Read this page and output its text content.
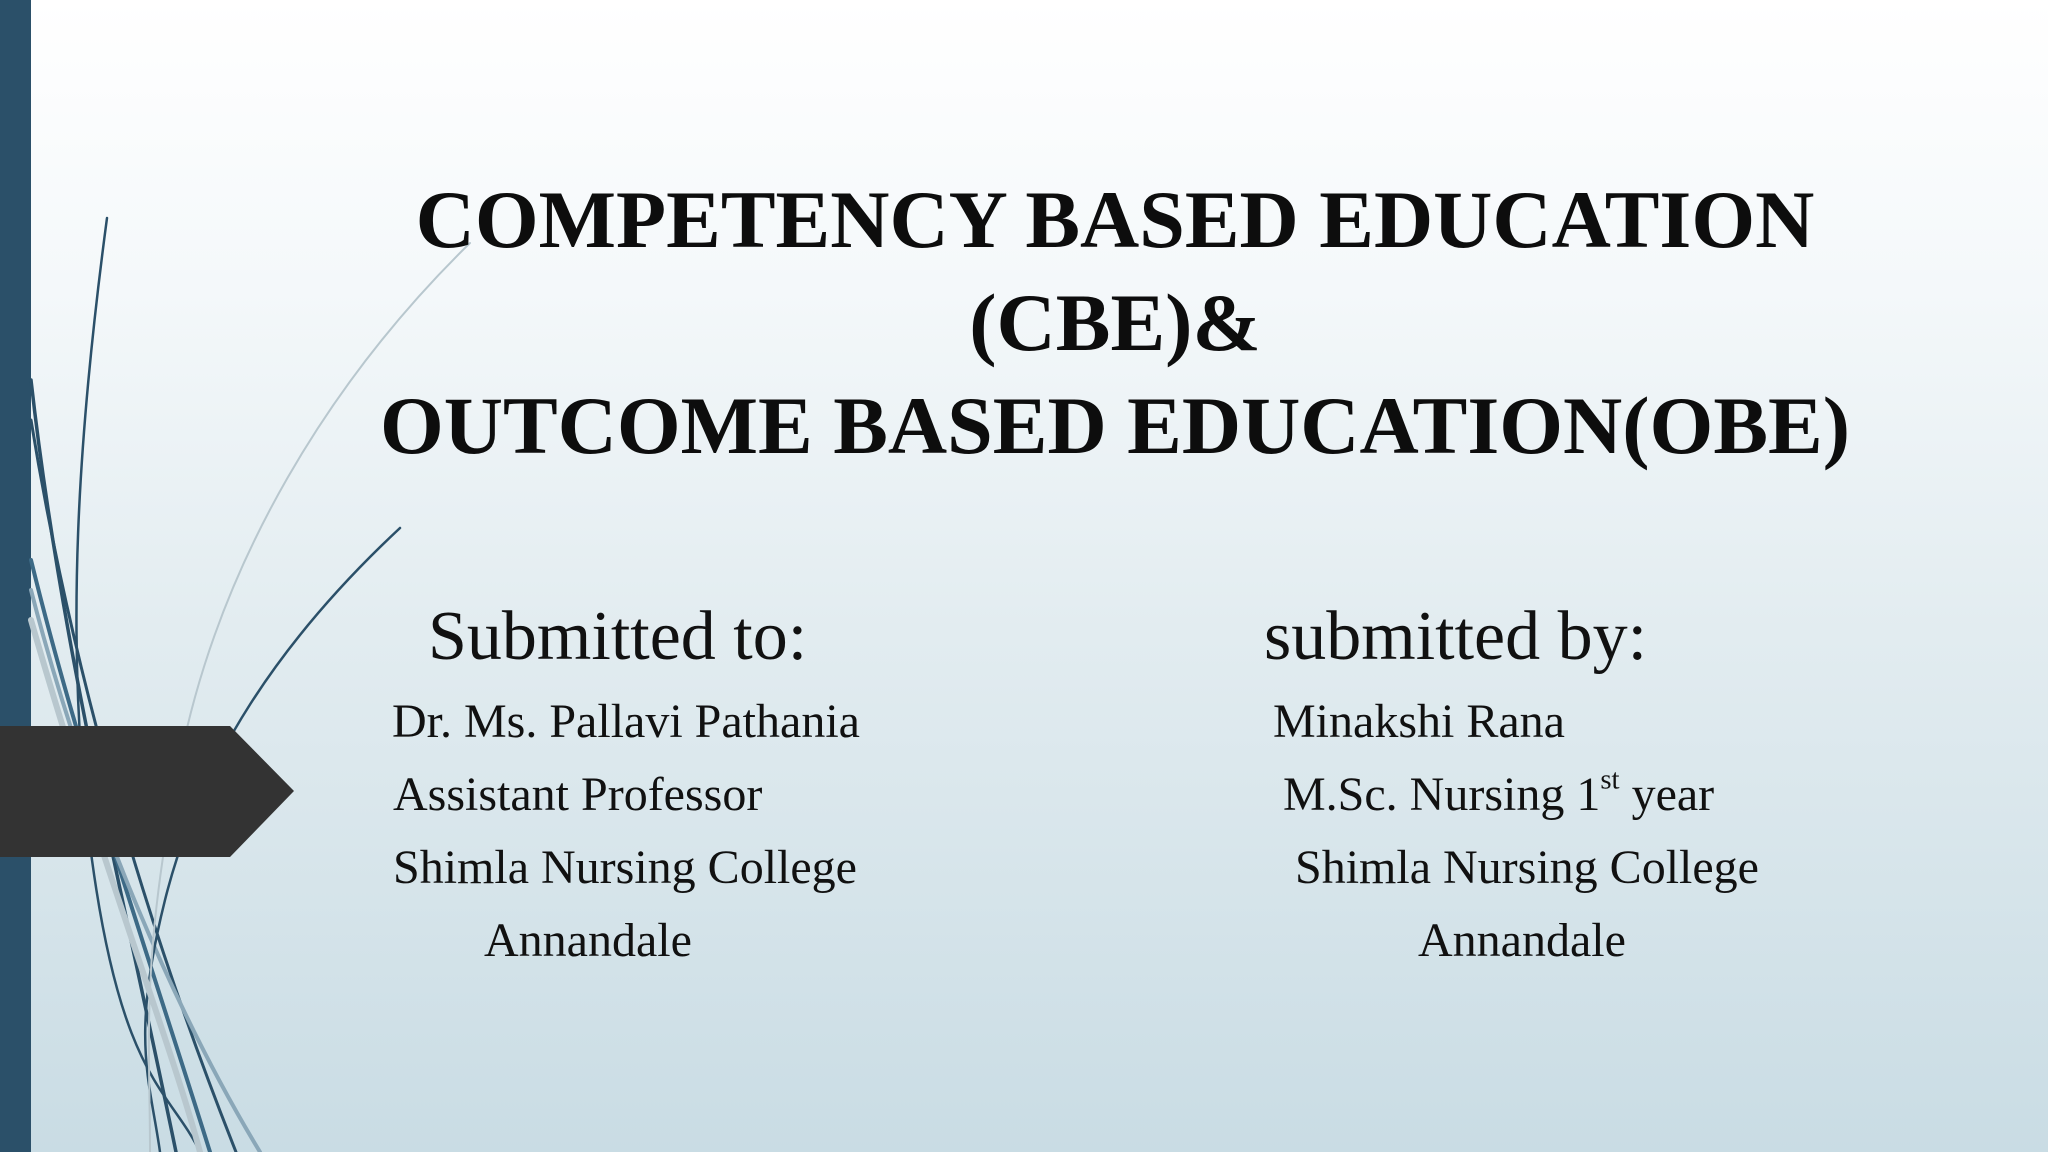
COMPETENCY BASED EDUCATION
(CBE)&
OUTCOME BASED EDUCATION(OBE)
Submitted to:
Dr. Ms. Pallavi Pathania
Assistant Professor
Shimla Nursing College
Annandale
submitted by:
Minakshi Rana
M.Sc. Nursing 1st year
Shimla Nursing College
Annandale
